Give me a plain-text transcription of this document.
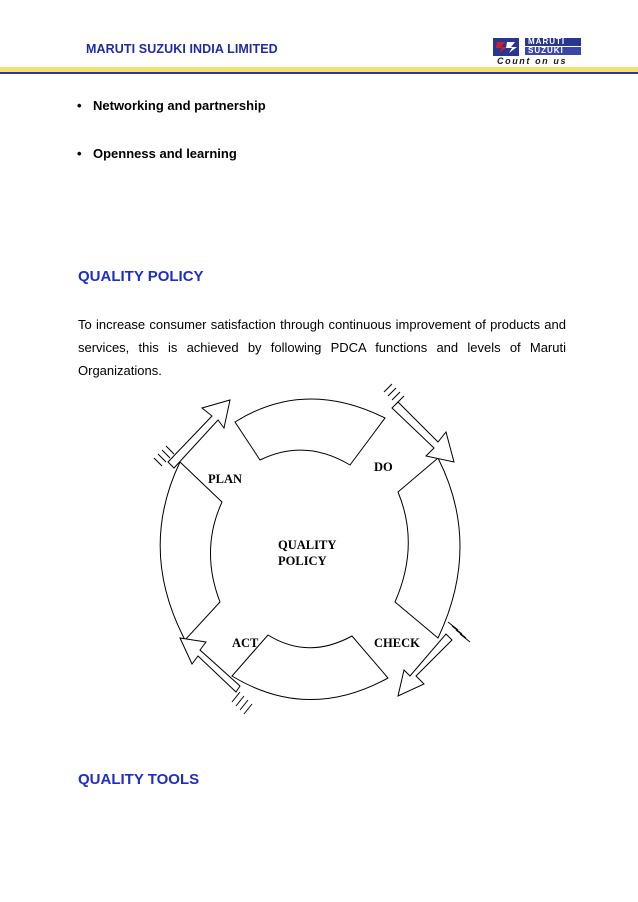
MARUTI SUZUKI INDIA LIMITED
MARUTI
SUZUKI
Count on us
• Networking and partnership
• Openness and learning
QUALITY POLICY
To increase consumer satisfaction through continuous improvement of products and services, this is achieved by following PDCA functions and levels of Maruti Organizations.
PLAN
DO
QUALITY
POLICY
ACT	CHECK
QUALITY TOOLS
